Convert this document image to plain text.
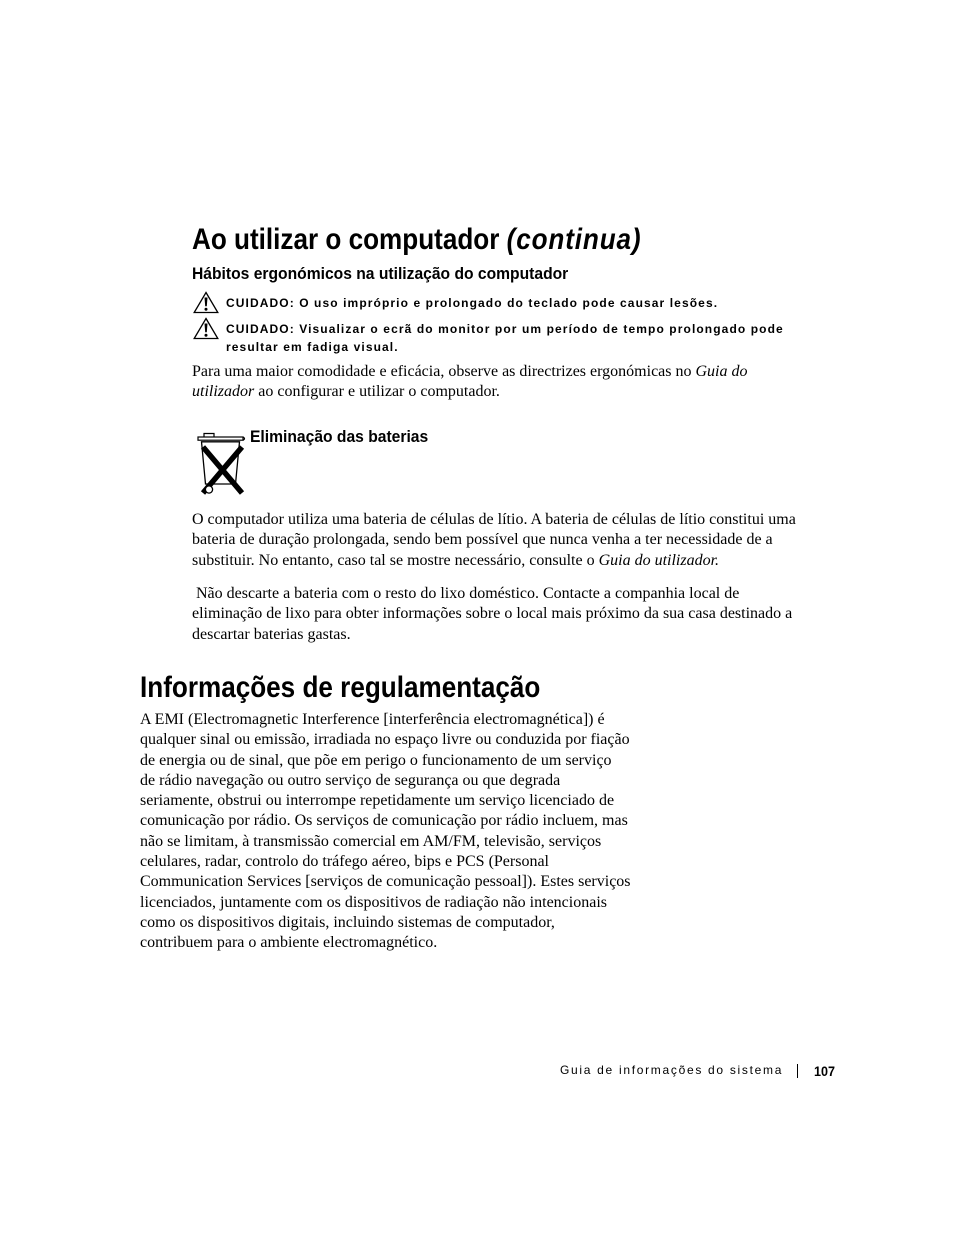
Ao utilizar o computador (continua)
Hábitos ergonómicos na utilização do computador
CUIDADO: O uso impróprio e prolongado do teclado pode causar lesões.
CUIDADO: Visualizar o ecrã do monitor por um período de tempo prolongado pode
resultar em fadiga visual.
Para uma maior comodidade e eficácia, observe as directrizes ergonómicas no Guia do
utilizador ao configurar e utilizar o computador.
Eliminação das baterias
O computador utiliza uma bateria de células de lítio. A bateria de células de lítio constitui uma
bateria de duração prolongada, sendo bem possível que nunca venha a ter necessidade de a
substituir. No entanto, caso tal se mostre necessário, consulte o Guia do utilizador.
Não descarte a bateria com o resto do lixo doméstico. Contacte a companhia local de
eliminação de lixo para obter informações sobre o local mais próximo da sua casa destinado a
descartar baterias gastas.
Informações de regulamentação
A EMI (Electromagnetic Interference [interferência electromagnética]) é
qualquer sinal ou emissão, irradiada no espaço livre ou conduzida por fiação
de energia ou de sinal, que põe em perigo o funcionamento de um serviço
de rádio navegação ou outro serviço de segurança ou que degrada
seriamente, obstrui ou interrompe repetidamente um serviço licenciado de
comunicação por rádio. Os serviços de comunicação por rádio incluem, mas
não se limitam, à transmissão comercial em AM/FM, televisão, serviços
celulares, radar, controlo do tráfego aéreo, bips e PCS (Personal
Communication Services [serviços de comunicação pessoal]). Estes serviços
licenciados, juntamente com os dispositivos de radiação não intencionais
como os dispositivos digitais, incluindo sistemas de computador,
contribuem para o ambiente electromagnético.
Guia de informações do sistema 107
